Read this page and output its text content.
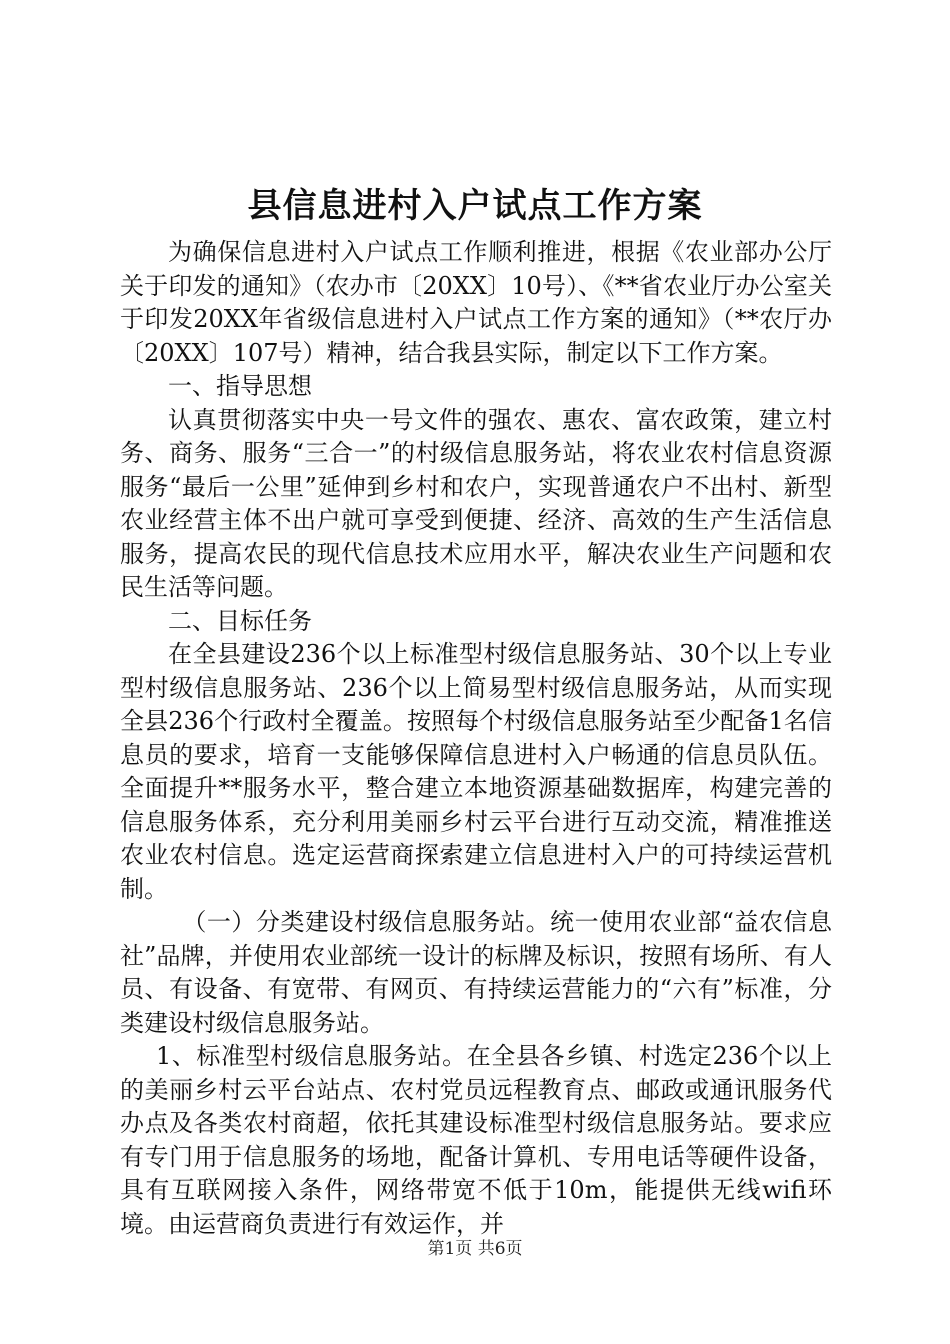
县信息进村入户试点工作方案

为确保信息进村入户试点工作顺利推进，根据《农业部办公厅关于印发的通知》（农办市〔20XX〕10号）、《**省农业厅办公室关于印发20XX年省级信息进村入户试点工作方案的通知》（**农厅办〔20XX〕107号）精神，结合我县实际，制定以下工作方案。

一、指导思想

认真贯彻落实中央一号文件的强农、惠农、富农政策，建立村务、商务、服务“三合一”的村级信息服务站，将农业农村信息资源服务“最后一公里”延伸到乡村和农户，实现普通农户不出村、新型农业经营主体不出户就可享受到便捷、经济、高效的生产生活信息服务，提高农民的现代信息技术应用水平，解决农业生产问题和农民生活等问题。

二、目标任务

在全县建设236个以上标准型村级信息服务站、30个以上专业型村级信息服务站、236个以上简易型村级信息服务站，从而实现全县236个行政村全覆盖。按照每个村级信息服务站至少配备1名信息员的要求，培育一支能够保障信息进村入户畅通的信息员队伍。全面提升**服务水平，整合建立本地资源基础数据库，构建完善的信息服务体系，充分利用美丽乡村云平台进行互动交流，精准推送农业农村信息。选定运营商探索建立信息进村入户的可持续运营机制。

（一）分类建设村级信息服务站。统一使用农业部“益农信息社”品牌，并使用农业部统一设计的标牌及标识，按照有场所、有人员、有设备、有宽带、有网页、有持续运营能力的“六有”标准，分类建设村级信息服务站。

1、标准型村级信息服务站。在全县各乡镇、村选定236个以上的美丽乡村云平台站点、农村党员远程教育点、邮政或通讯服务代办点及各类农村商超，依托其建设标准型村级信息服务站。要求应有专门用于信息服务的场地，配备计算机、专用电话等硬件设备，具有互联网接入条件，网络带宽不低于10m，能提供无线wifi环境。由运营商负责进行有效运作，并

第1页 共6页
